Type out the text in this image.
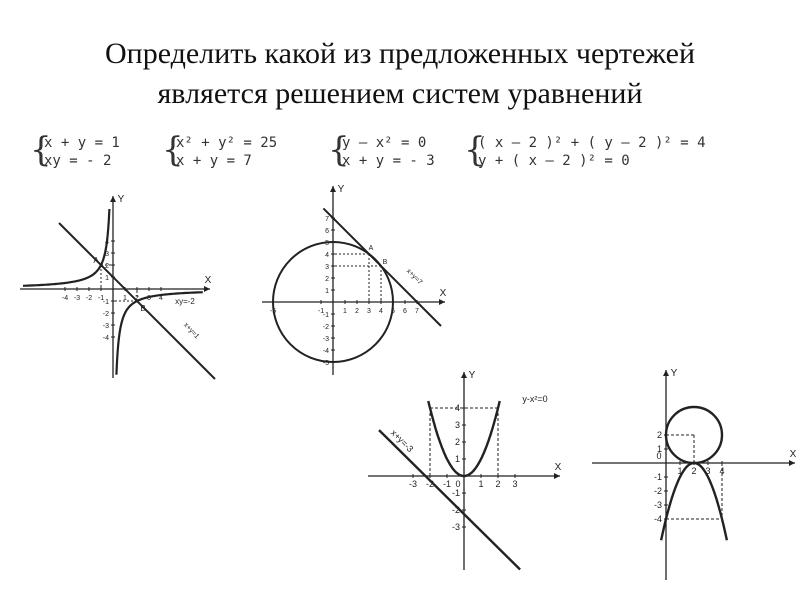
Определить какой из предложенных чертежей
является решением систем уравнений
{
x + y = 1
xy = - 2 {
x² + y² = 25
x + y = 7	{
y – x² = 0
x + y = - 3 {
( x – 2 )² + ( y – 2 )² = 4
y + ( x – 2 )² = 0
X
Y
-4 -3 -2 -1	1 2 3 4
4
3
2
1
-1
-2
-3
-4
A
B
xy=-2
x+y=1
X
Y
-5	-1	1 2 3 4 5 6 7
7
6
5
4
3
2
1
-1
-2
-3
-4
-5
A
B
x+y=7
X
Y
-3 -2 -1	1 2 3
4
3
2
1
-1
-2
-3
0
y-x²=0
x+y=-3
X
Y
1 2 3 4
2
1
-1
-2
-3
-4
0
